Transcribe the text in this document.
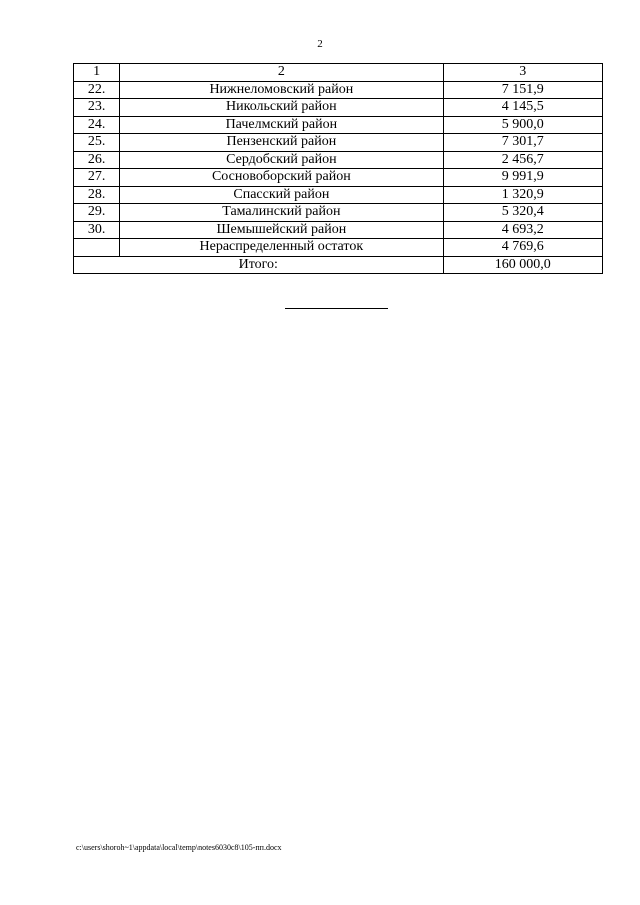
2
1	2	3
22.	Нижнеломовский район	7 151,9
23.	Никольский район	4 145,5
24.	Пачелмский район	5 900,0
25.	Пензенский район	7 301,7
26.	Сердобский район	2 456,7
27.	Сосновоборский район	9 991,9
28.	Спасский район	1 320,9
29.	Тамалинский район	5 320,4
30.	Шемышейский район	4 693,2
	Нераспределенный остаток	4 769,6
Итого:		160 000,0
c:\users\shoroh~1\appdata\local\temp\notes6030c8\105-пп.docx
